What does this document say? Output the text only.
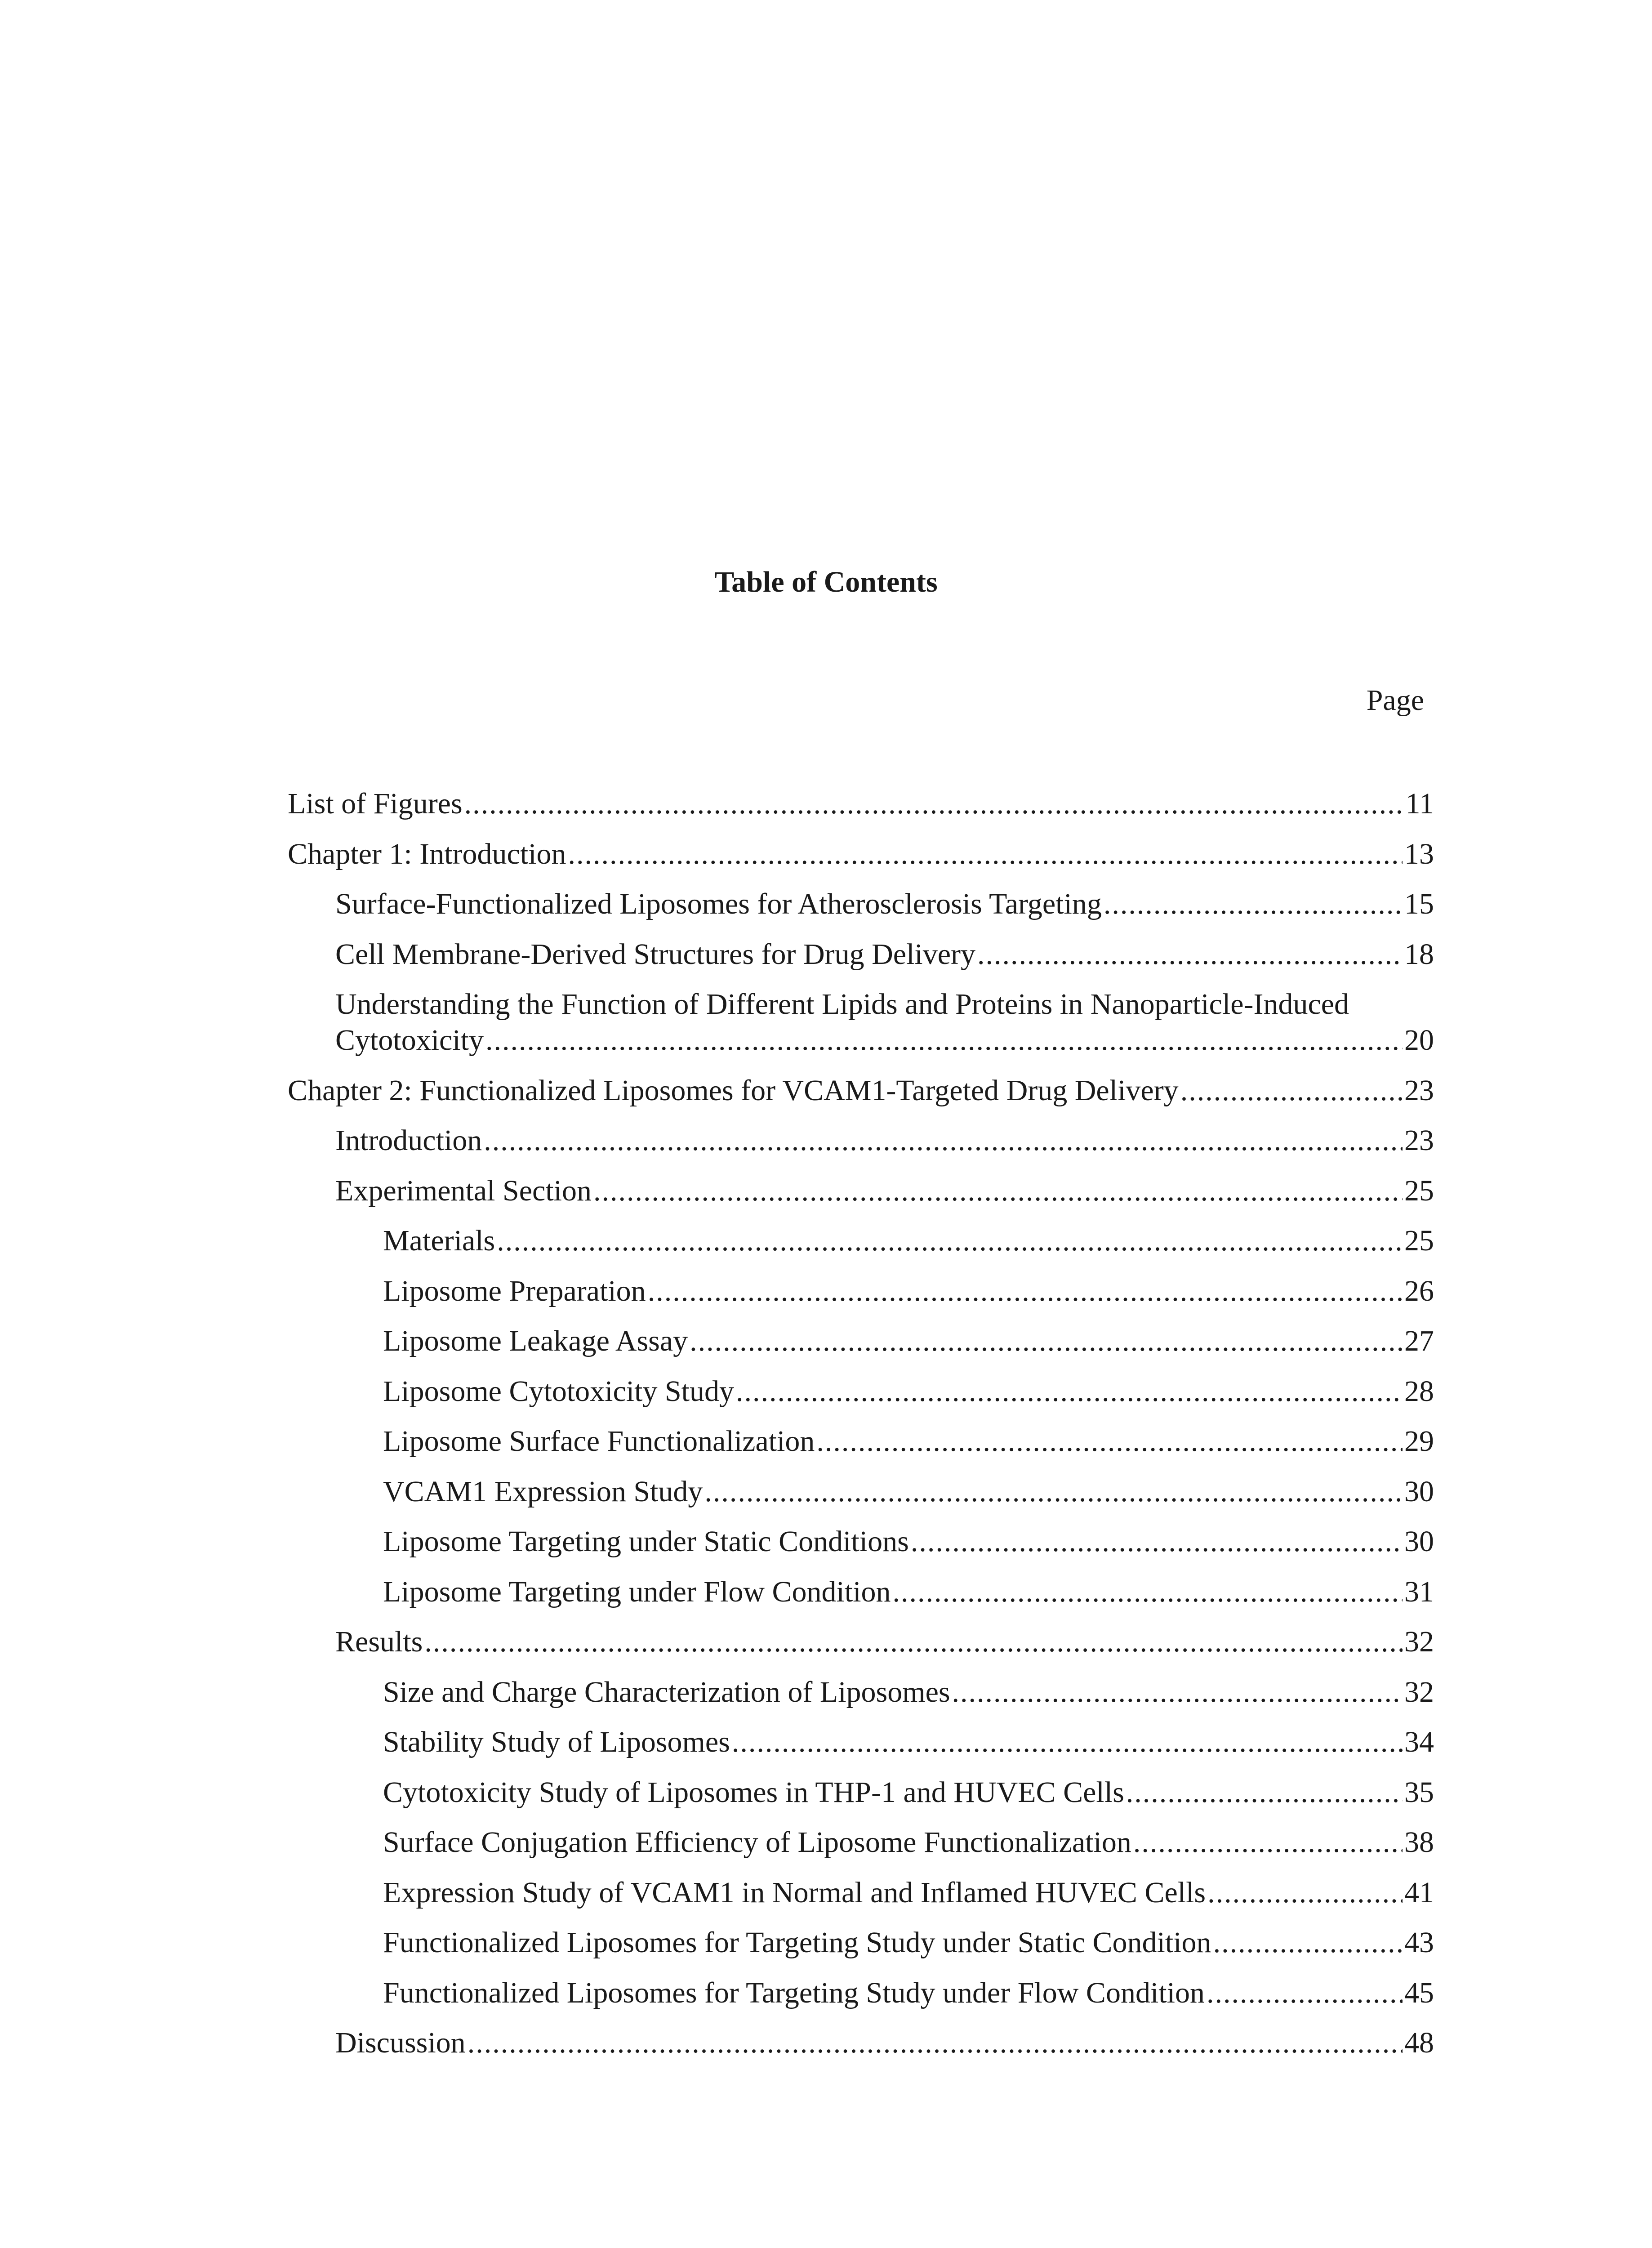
Table of Contents
Page
List of Figures .....	11
Chapter 1: Introduction .....	13
Surface-Functionalized Liposomes for Atherosclerosis Targeting .....	15
Cell Membrane-Derived Structures for Drug Delivery .....	18
Understanding the Function of Different Lipids and Proteins in Nanoparticle-Induced
Cytotoxicity .....	20
Chapter 2: Functionalized Liposomes for VCAM1-Targeted Drug Delivery .....	23
Introduction .....	23
Experimental Section .....	25
Materials .....	25
Liposome Preparation .....	26
Liposome Leakage Assay .....	27
Liposome Cytotoxicity Study .....	28
Liposome Surface Functionalization .....	29
VCAM1 Expression Study .....	30
Liposome Targeting under Static Conditions .....	30
Liposome Targeting under Flow Condition .....	31
Results .....	32
Size and Charge Characterization of Liposomes .....	32
Stability Study of Liposomes .....	34
Cytotoxicity Study of Liposomes in THP-1 and HUVEC Cells .....	35
Surface Conjugation Efficiency of Liposome Functionalization .....	38
Expression Study of VCAM1 in Normal and Inflamed HUVEC Cells .....	41
Functionalized Liposomes for Targeting Study under Static Condition .....	43
Functionalized Liposomes for Targeting Study under Flow Condition .....	45
Discussion .....	48
